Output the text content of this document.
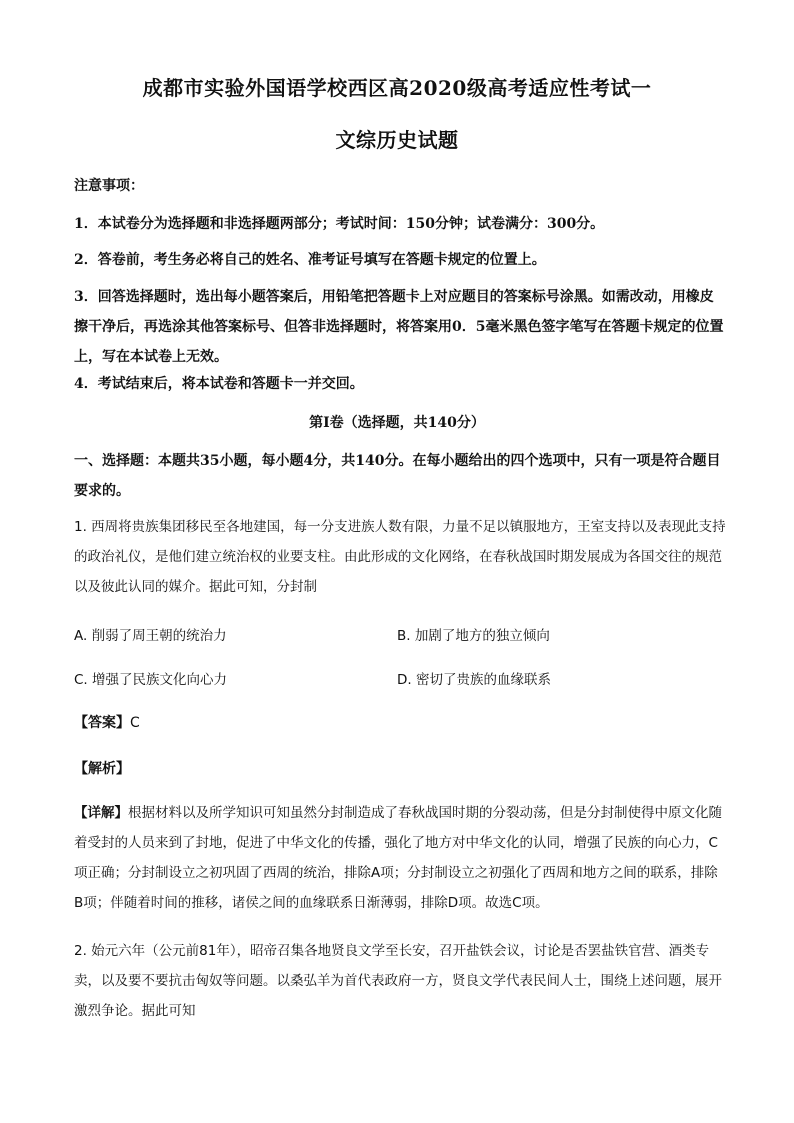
成都市实验外国语学校西区高2020级高考适应性考试一
文综历史试题
注意事项：
1．本试卷分为选择题和非选择题两部分；考试时间：150分钟；试卷满分：300分。
2．答卷前，考生务必将自己的姓名、准考证号填写在答题卡规定的位置上。
3．回答选择题时，选出每小题答案后，用铅笔把答题卡上对应题目的答案标号涂黑。如需改动，用橡皮擦干净后，再选涂其他答案标号、但答非选择题时，将答案用0．5毫米黑色签字笔写在答题卡规定的位置上，写在本试卷上无效。
4．考试结束后，将本试卷和答题卡一并交回。
第Ⅰ卷（选择题，共140分）
一、选择题：本题共35小题，每小题4分，共140分。在每小题给出的四个选项中，只有一项是符合题目要求的。
1. 西周将贵族集团移民至各地建国，每一分支进族人数有限，力量不足以镇服地方，王室支持以及表现此支持的政治礼仪，是他们建立统治权的业要支柱。由此形成的文化网络，在春秋战国时期发展成为各国交往的规范以及彼此认同的媒介。据此可知，分封制
A. 削弱了周王朝的统治力	B. 加剧了地方的独立倾向
C. 增强了民族文化向心力	D. 密切了贵族的血缘联系
【答案】C
【解析】
【详解】根据材料以及所学知识可知虽然分封制造成了春秋战国时期的分裂动荡，但是分封制使得中原文化随着受封的人员来到了封地，促进了中华文化的传播，强化了地方对中华文化的认同，增强了民族的向心力，C项正确；分封制设立之初巩固了西周的统治，排除A项；分封制设立之初强化了西周和地方之间的联系，排除B项；伴随着时间的推移，诸侯之间的血缘联系日渐薄弱，排除D项。故选C项。
2. 始元六年（公元前81年），昭帝召集各地贤良文学至长安，召开盐铁会议，讨论是否罢盐铁官营、酒类专卖，以及要不要抗击匈奴等问题。以桑弘羊为首代表政府一方，贤良文学代表民间人士，围绕上述问题，展开激烈争论。据此可知
